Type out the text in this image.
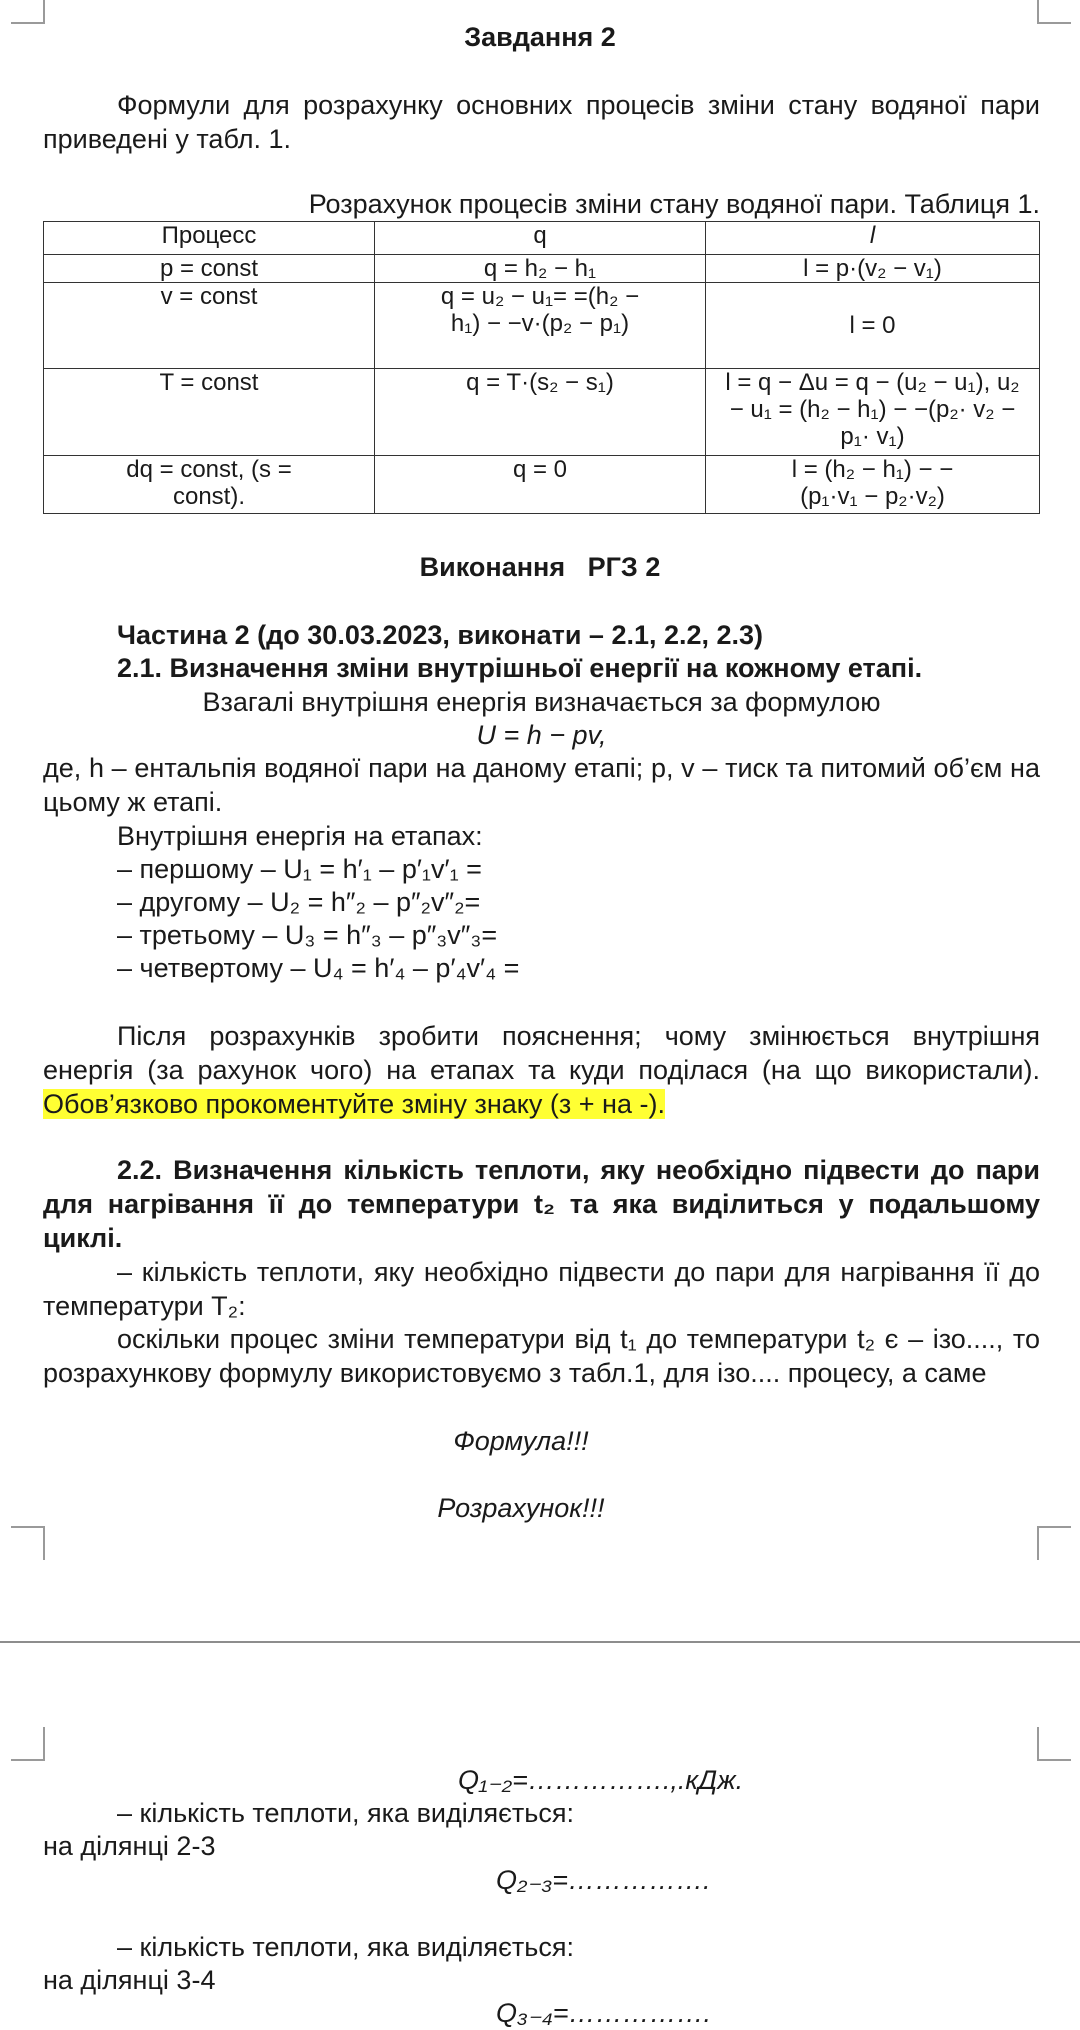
Завдання 2
Формули для розрахунку основних процесів зміни стану водяної пари приведені у табл. 1.
Розрахунок процесів зміни стану водяної пари. Таблиця 1.
Процесс	q	l
p = const	q = h₂ − h₁	l = p·(v₂ − v₁)
v = const	q = u₂ − u₁= =(h₂ − h₁) − −v·(p₂ − p₁)	l = 0
T = const	q = T·(s₂ − s₁)	l = q − Δu = q − (u₂ − u₁), u₂ − u₁ = (h₂ − h₁) − −(p₂· v₂ − p₁· v₁)
dq = const, (s = const).	q = 0	l = (h₂ − h₁) − −(p₁·v₁ − p₂·v₂)
Виконання   РГЗ 2
Частина 2 (до 30.03.2023, виконати – 2.1, 2.2, 2.3)
2.1. Визначення зміни внутрішньої енергії на кожному етапі.
Взагалі внутрішня енергія визначається за формулою
U = h − pv,
де, h – ентальпія водяної пари на даному етапі; p, v – тиск та питомий об’єм на цьому ж етапі.
Внутрішня енергія на етапах:
– першому – U₁ = h′₁ – p′₁v′₁ =
– другому – U₂ = h″₂ – p″₂v″₂=
– третьому – U₃ = h″₃ – p″₃v″₃=
– четвертому – U₄ = h′₄ – p′₄v′₄ =
Після розрахунків зробити пояснення; чому змінюється внутрішня енергія (за рахунок чого) на етапах та куди поділася (на що використали). Обов’язково прокоментуйте зміну знаку (з + на -).
2.2. Визначення кількість теплоти, яку необхідно підвести до пари для нагрівання її до температури t₂ та яка виділиться у подальшому циклі.
– кількість теплоти, яку необхідно підвести до пари для нагрівання її до температури T₂:
оскільки процес зміни температури від t₁ до температури t₂ є – ізо...., то розрахункову формулу використовуємо з табл.1, для ізо.... процесу, а саме
Формула!!!
Розрахунок!!!
Q₁₋₂=…………….,.кДж.
– кількість теплоти, яка виділяється:
на ділянці 2-3
Q₂₋₃=…………….
– кількість теплоти, яка виділяється:
на ділянці 3-4
Q₃₋₄=…………….
